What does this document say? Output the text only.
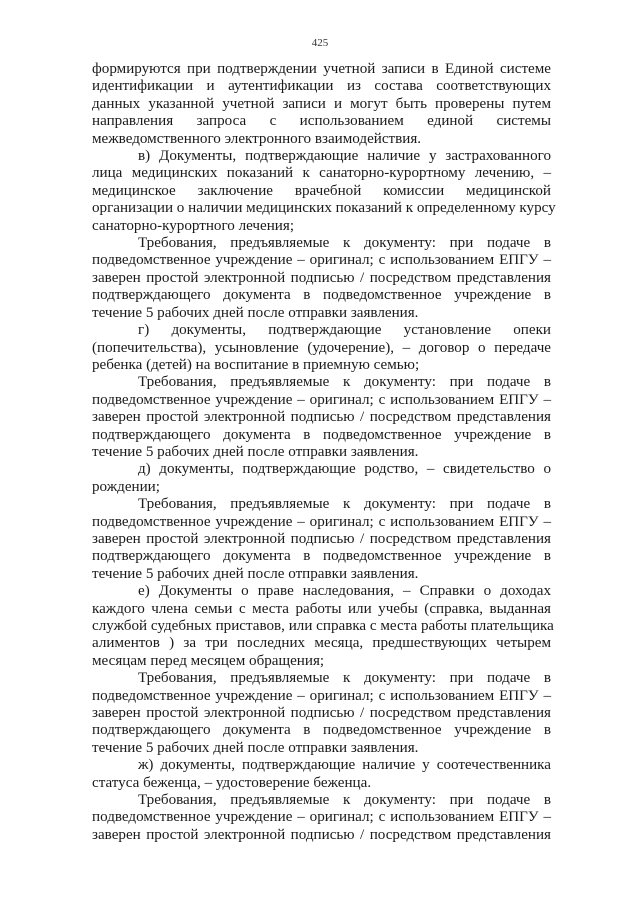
425
формируются при подтверждении учетной записи в Единой системе
идентификации и аутентификации из состава соответствующих
данных указанной учетной записи и могут быть проверены путем
направления запроса с использованием единой системы
межведомственного электронного взаимодействия.
в) Документы, подтверждающие наличие у застрахованного
лица медицинских показаний к санаторно-курортному лечению, –
медицинское заключение врачебной комиссии медицинской
организации о наличии медицинских показаний к определенному курсу
санаторно-курортного лечения;
Требования, предъявляемые к документу: при подаче в
подведомственное учреждение – оригинал; с использованием ЕПГУ –
заверен простой электронной подписью / посредством представления
подтверждающего документа в подведомственное учреждение в
течение 5 рабочих дней после отправки заявления.
г) документы, подтверждающие установление опеки
(попечительства), усыновление (удочерение), – договор о передаче
ребенка (детей) на воспитание в приемную семью;
Требования, предъявляемые к документу: при подаче в
подведомственное учреждение – оригинал; с использованием ЕПГУ –
заверен простой электронной подписью / посредством представления
подтверждающего документа в подведомственное учреждение в
течение 5 рабочих дней после отправки заявления.
д) документы, подтверждающие родство, – свидетельство о
рождении;
Требования, предъявляемые к документу: при подаче в
подведомственное учреждение – оригинал; с использованием ЕПГУ –
заверен простой электронной подписью / посредством представления
подтверждающего документа в подведомственное учреждение в
течение 5 рабочих дней после отправки заявления.
е) Документы о праве наследования, – Справки о доходах
каждого члена семьи с места работы или учебы (справка, выданная
службой судебных приставов, или справка с места работы плательщика
алиментов ) за три последних месяца, предшествующих четырем
месяцам перед месяцем обращения;
Требования, предъявляемые к документу: при подаче в
подведомственное учреждение – оригинал; с использованием ЕПГУ –
заверен простой электронной подписью / посредством представления
подтверждающего документа в подведомственное учреждение в
течение 5 рабочих дней после отправки заявления.
ж) документы, подтверждающие наличие у соотечественника
статуса беженца, – удостоверение беженца.
Требования, предъявляемые к документу: при подаче в
подведомственное учреждение – оригинал; с использованием ЕПГУ –
заверен простой электронной подписью / посредством представления
